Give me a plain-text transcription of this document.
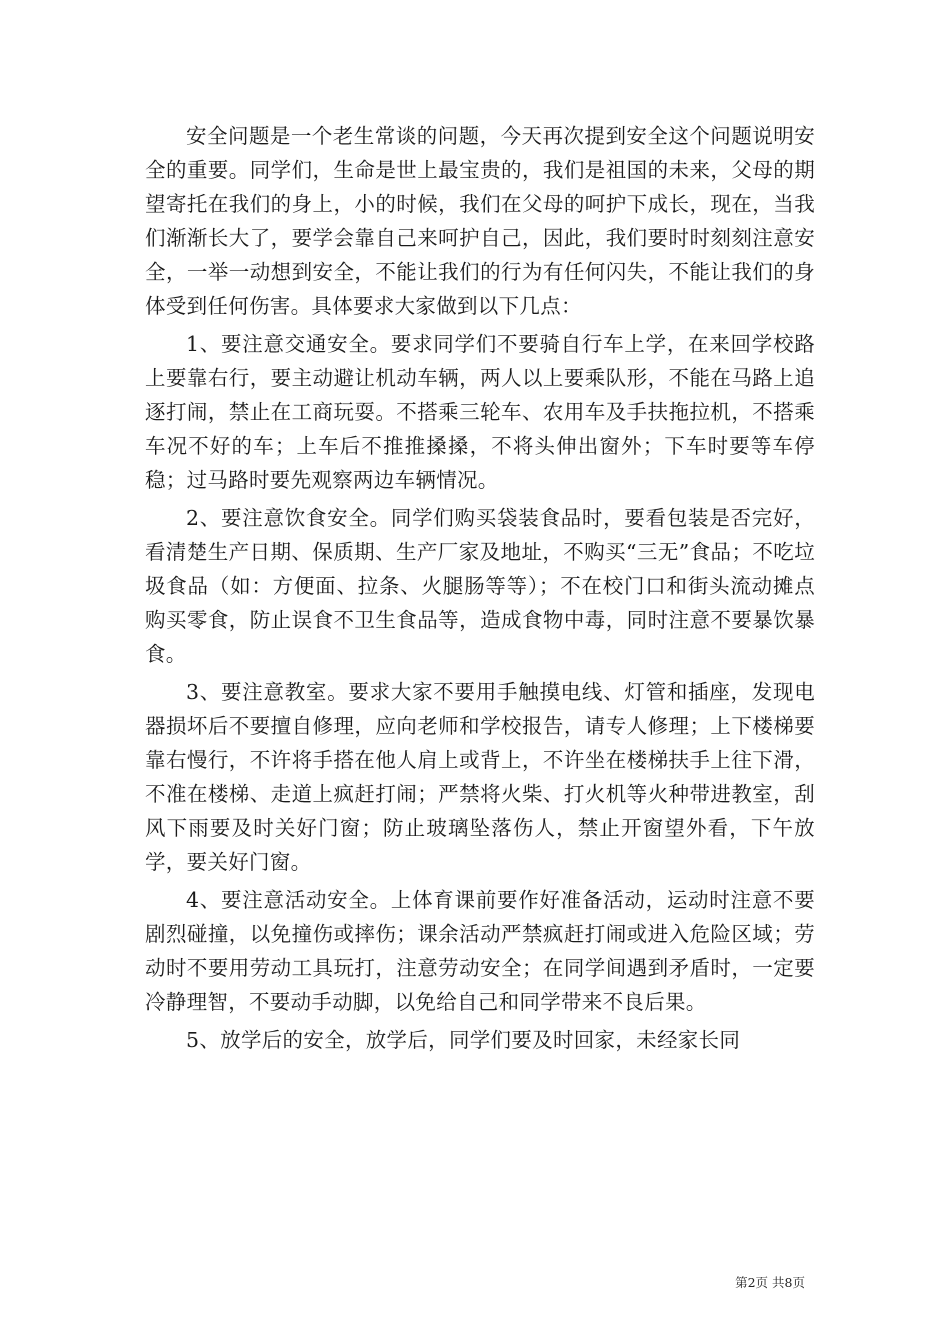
安全问题是一个老生常谈的问题，今天再次提到安全这个问题说明安全的重要。同学们，生命是世上最宝贵的，我们是祖国的未来，父母的期望寄托在我们的身上，小的时候，我们在父母的呵护下成长，现在，当我们渐渐长大了，要学会靠自己来呵护自己，因此，我们要时时刻刻注意安全，一举一动想到安全，不能让我们的行为有任何闪失，不能让我们的身体受到任何伤害。具体要求大家做到以下几点：

1、要注意交通安全。要求同学们不要骑自行车上学，在来回学校路上要靠右行，要主动避让机动车辆，两人以上要乘队形，不能在马路上追逐打闹，禁止在工商玩耍。不搭乘三轮车、农用车及手扶拖拉机，不搭乘车况不好的车；上车后不推推搡搡，不将头伸出窗外；下车时要等车停稳；过马路时要先观察两边车辆情况。

2、要注意饮食安全。同学们购买袋装食品时，要看包装是否完好，看清楚生产日期、保质期、生产厂家及地址，不购买“三无”食品；不吃垃圾食品（如：方便面、拉条、火腿肠等等）；不在校门口和街头流动摊点购买零食，防止误食不卫生食品等，造成食物中毒，同时注意不要暴饮暴食。

3、要注意教室。要求大家不要用手触摸电线、灯管和插座，发现电器损坏后不要擅自修理，应向老师和学校报告，请专人修理；上下楼梯要靠右慢行，不许将手搭在他人肩上或背上，不许坐在楼梯扶手上往下滑，不准在楼梯、走道上疯赶打闹；严禁将火柴、打火机等火种带进教室，刮风下雨要及时关好门窗；防止玻璃坠落伤人，禁止开窗望外看，下午放学，要关好门窗。

4、要注意活动安全。上体育课前要作好准备活动，运动时注意不要剧烈碰撞，以免撞伤或摔伤；课余活动严禁疯赶打闹或进入危险区域；劳动时不要用劳动工具玩打，注意劳动安全；在同学间遇到矛盾时，一定要冷静理智，不要动手动脚，以免给自己和同学带来不良后果。

5、放学后的安全，放学后，同学们要及时回家，未经家长同

第2页 共8页
